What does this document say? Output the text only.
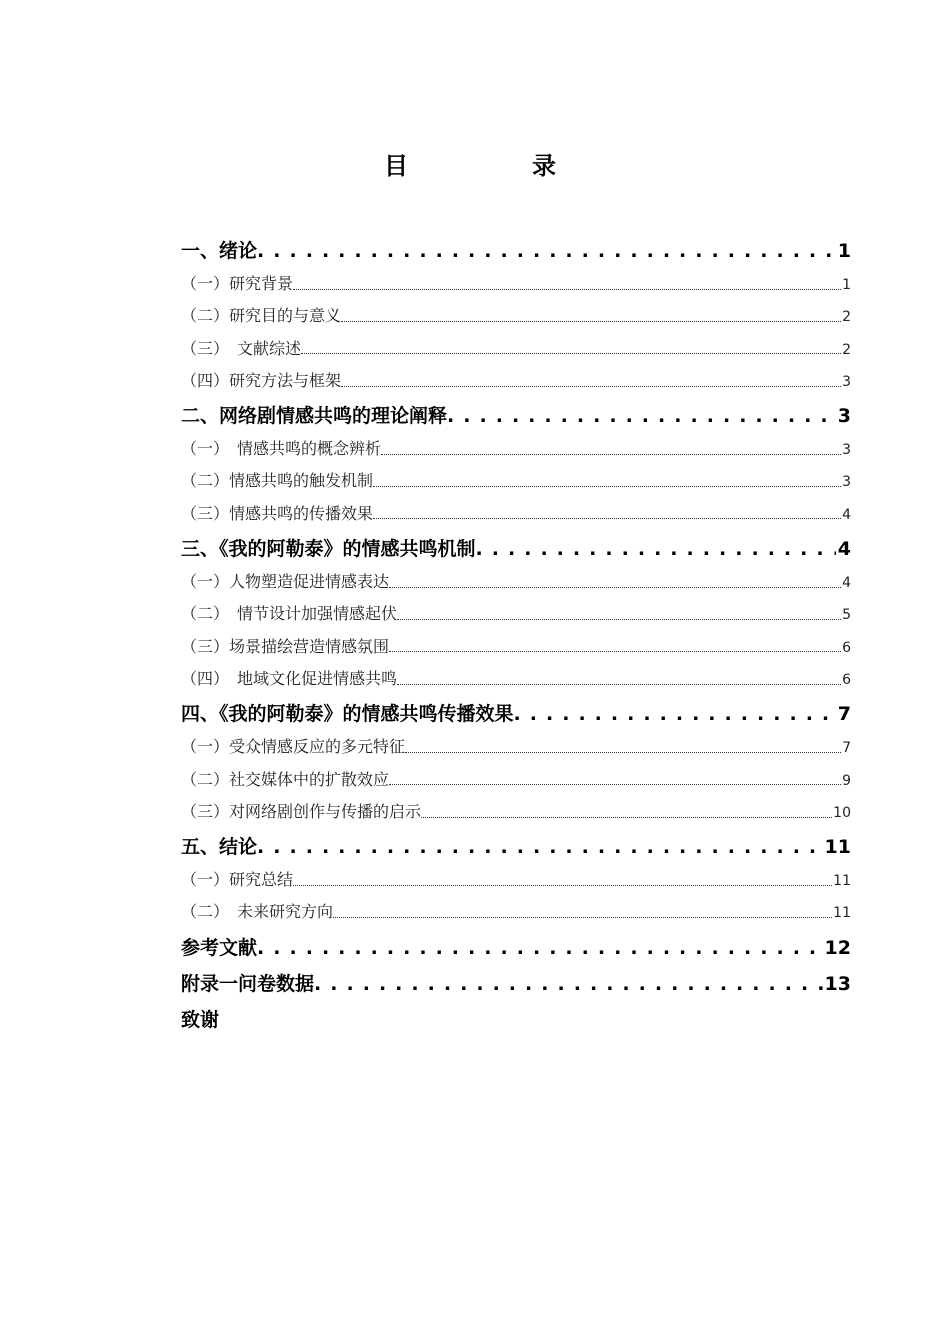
目　录
一、绪论 . . .	1
（一）研究背景	1
（二）研究目的与意义	2
（三）　文献综述	2
（四）研究方法与框架	3
二、网络剧情感共鸣的理论阐释 . . .	3
（一）　情感共鸣的概念辨析	3
（二）情感共鸣的触发机制	3
（三）情感共鸣的传播效果	4
三、《我的阿勒泰》的情感共鸣机制 . . .	4
（一）人物塑造促进情感表达	4
（二）　情节设计加强情感起伏	5
（三）场景描绘营造情感氛围	6
（四）　地域文化促进情感共鸣	6
四、《我的阿勒泰》的情感共鸣传播效果 . . .	7
（一）受众情感反应的多元特征	7
（二）社交媒体中的扩散效应	9
（三）对网络剧创作与传播的启示	10
五、结论 . . .	11
（一）研究总结	11
（二）　未来研究方向	11
参考文献 . . .	12
附录一问卷数据 . . .	13
致谢
